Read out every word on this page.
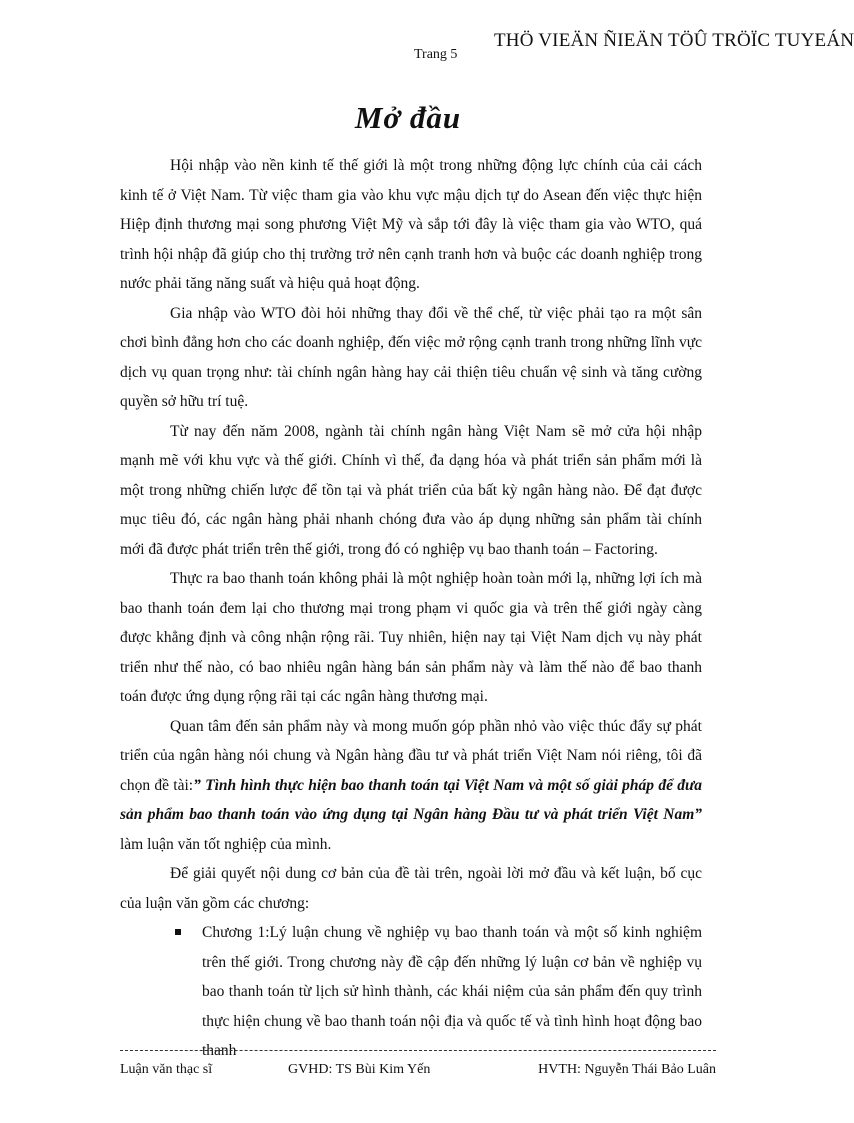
Trang 5
THÖ VIEÄN ÑIEÄN TÖÛ TRÖÏC TUYEÁN
Mở đầu

Hội nhập vào nền kinh tế thế giới là một trong những động lực chính của cải cách kinh tế ở Việt Nam. Từ việc tham gia vào khu vực mậu dịch tự do Asean đến việc thực hiện Hiệp định thương mại song phương Việt Mỹ và sắp tới đây là việc tham gia vào WTO, quá trình hội nhập đã giúp cho thị trường trở nên cạnh tranh hơn và buộc các doanh nghiệp trong nước phải tăng năng suất và hiệu quả hoạt động.

Gia nhập vào WTO đòi hỏi những thay đổi về thể chế, từ việc phải tạo ra một sân chơi bình đẳng hơn cho các doanh nghiệp, đến việc mở rộng cạnh tranh trong những lĩnh vực dịch vụ quan trọng như: tài chính ngân hàng hay cải thiện tiêu chuẩn vệ sinh và tăng cường quyền sở hữu trí tuệ.

Từ nay đến năm 2008, ngành tài chính ngân hàng Việt Nam sẽ mở cửa hội nhập mạnh mẽ với khu vực và thế giới. Chính vì thế, đa dạng hóa và phát triển sản phẩm mới là một trong những chiến lược để tồn tại và phát triển của bất kỳ ngân hàng nào. Để đạt được mục tiêu đó, các ngân hàng phải nhanh chóng đưa vào áp dụng những sản phẩm tài chính mới đã được phát triển trên thế giới, trong đó có nghiệp vụ bao thanh toán – Factoring.

Thực ra bao thanh toán không phải là một nghiệp hoàn toàn mới lạ, những lợi ích mà bao thanh toán đem lại cho thương mại trong phạm vi quốc gia và trên thế giới ngày càng được khẳng định và công nhận rộng rãi. Tuy nhiên, hiện nay tại Việt Nam dịch vụ này phát triển như thế nào, có bao nhiêu ngân hàng bán sản phẩm này và làm thế nào để bao thanh toán được ứng dụng rộng rãi tại các ngân hàng thương mại.

Quan tâm đến sản phẩm này và mong muốn góp phần nhỏ vào việc thúc đẩy sự phát triển của ngân hàng nói chung và Ngân hàng đầu tư và phát triển Việt Nam nói riêng, tôi đã chọn đề tài:” Tình hình thực hiện bao thanh toán tại Việt Nam và một số giải pháp để đưa sản phẩm bao thanh toán vào ứng dụng tại Ngân hàng Đầu tư và phát triển Việt Nam” làm luận văn tốt nghiệp của mình.

Để giải quyết nội dung cơ bản của đề tài trên, ngoài lời mở đầu và kết luận, bố cục của luận văn gồm các chương:

Chương 1:Lý luận chung về nghiệp vụ bao thanh toán và một số kinh nghiệm trên thế giới. Trong chương này đề cập đến những lý luận cơ bản về nghiệp vụ bao thanh toán từ lịch sử hình thành, các khái niệm của sản phẩm đến quy trình thực hiện chung về bao thanh toán nội địa và quốc tế và tình hình hoạt động bao thanh
Luận văn thạc sĩ	GVHD: TS Bùi Kim Yến	HVTH: Nguyễn Thái Bảo Luân
